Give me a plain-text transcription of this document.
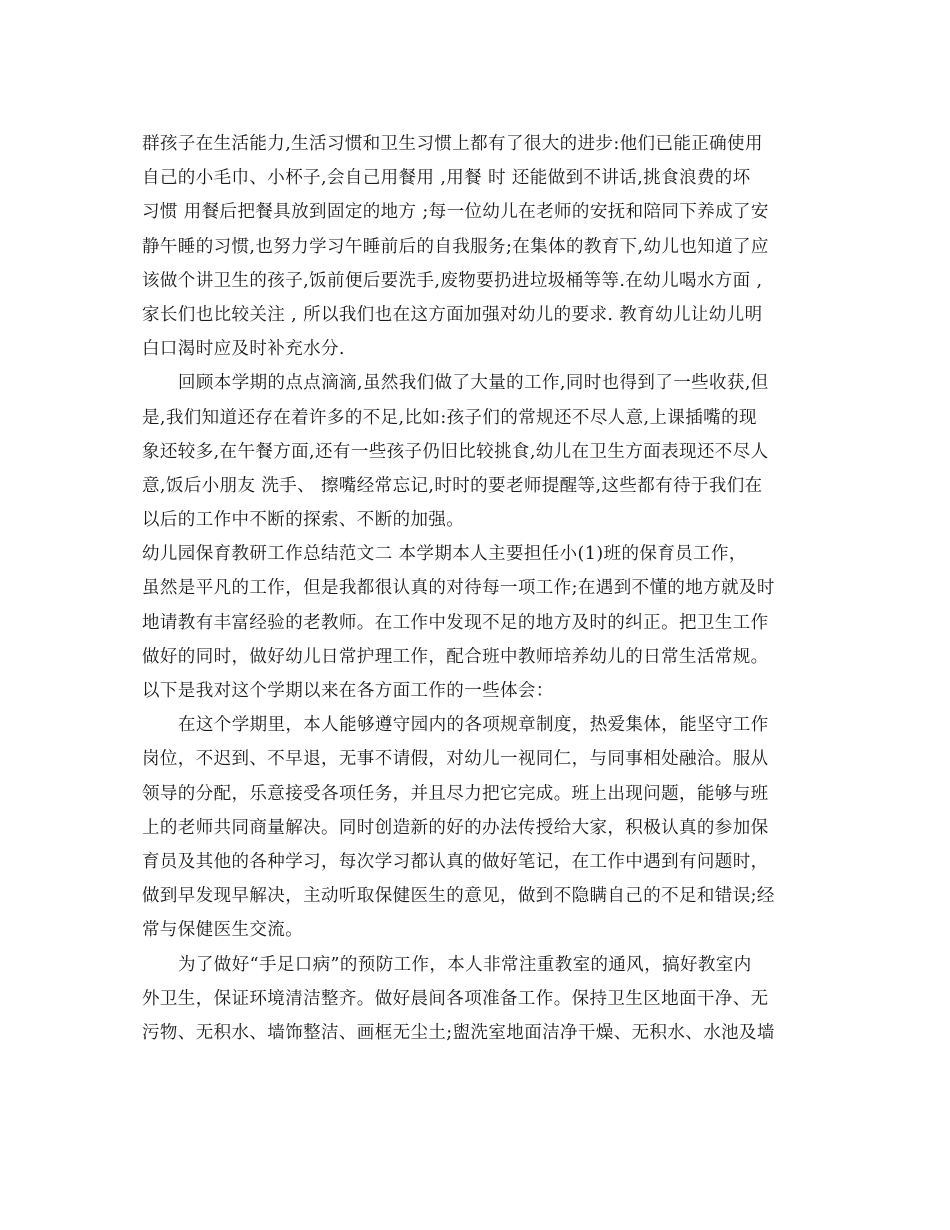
群孩子在生活能力,生活习惯和卫生习惯上都有了很大的进步:他们已能正确使用
自己的小毛巾、小杯子,会自己用餐用 ,用餐 时 还能做到不讲话,挑食浪费的坏
习惯 用餐后把餐具放到固定的地方 ;每一位幼儿在老师的安抚和陪同下养成了安
静午睡的习惯,也努力学习午睡前后的自我服务;在集体的教育下,幼儿也知道了应
该做个讲卫生的孩子,饭前便后要洗手,废物要扔进垃圾桶等等.在幼儿喝水方面 ,
家长们也比较关注 , 所以我们也在这方面加强对幼儿的要求. 教育幼儿让幼儿明
白口渴时应及时补充水分.
回顾本学期的点点滴滴,虽然我们做了大量的工作,同时也得到了一些收获,但
是,我们知道还存在着许多的不足,比如:孩子们的常规还不尽人意,上课插嘴的现
象还较多,在午餐方面,还有一些孩子仍旧比较挑食,幼儿在卫生方面表现还不尽人
意,饭后小朋友 洗手、 擦嘴经常忘记,时时的要老师提醒等,这些都有待于我们在
以后的工作中不断的探索、不断的加强。
幼儿园保育教研工作总结范文二 本学期本人主要担任小(1)班的保育员工作，
虽然是平凡的工作，但是我都很认真的对待每一项工作;在遇到不懂的地方就及时
地请教有丰富经验的老教师。在工作中发现不足的地方及时的纠正。把卫生工作
做好的同时，做好幼儿日常护理工作，配合班中教师培养幼儿的日常生活常规。
以下是我对这个学期以来在各方面工作的一些体会：
在这个学期里，本人能够遵守园内的各项规章制度，热爱集体，能坚守工作
岗位，不迟到、不早退，无事不请假，对幼儿一视同仁，与同事相处融洽。服从
领导的分配，乐意接受各项任务，并且尽力把它完成。班上出现问题，能够与班
上的老师共同商量解决。同时创造新的好的办法传授给大家，积极认真的参加保
育员及其他的各种学习，每次学习都认真的做好笔记，在工作中遇到有问题时，
做到早发现早解决，主动听取保健医生的意见，做到不隐瞒自己的不足和错误;经
常与保健医生交流。
为了做好“手足口病”的预防工作，本人非常注重教室的通风，搞好教室内
外卫生，保证环境清洁整齐。做好晨间各项准备工作。保持卫生区地面干净、无
污物、无积水、墙饰整洁、画框无尘土;盥洗室地面洁净干燥、无积水、水池及墙
